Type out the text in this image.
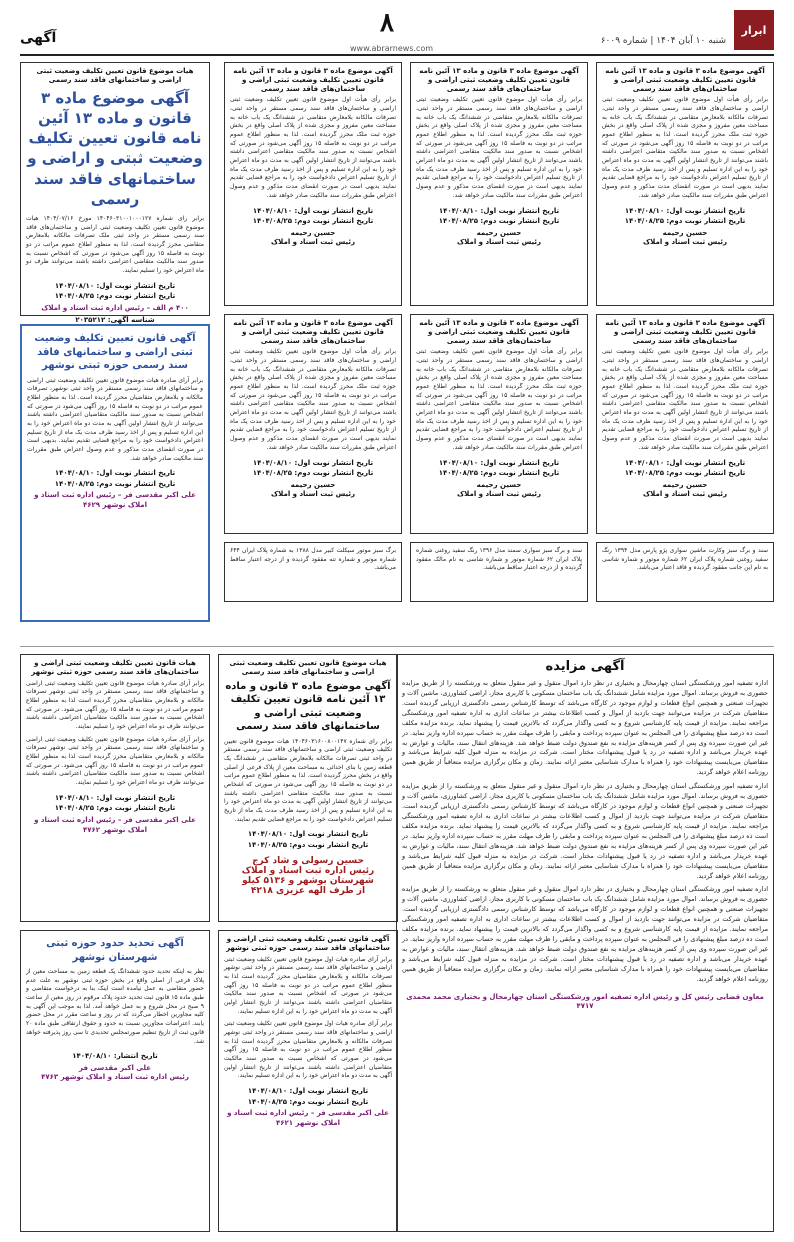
ابرار
۸
آگهی	شنبه ۱۰ آبان ۱۴۰۴ | شماره ۶۰۰۹
www.abrarnews.com
آگهی موضوع ماده ۳ قانون و ماده ۱۳ آئین نامه قانون تعیین تکلیف وضعیت ثبتی اراضی و ساختمان‌های فاقد سند رسمی
برابر رأی هیأت اول موضوع قانون تعیین تکلیف وضعیت ثبتی اراضی و ساختمان‌های فاقد سند رسمی مستقر در واحد ثبتی، تصرفات مالکانه بلامعارض متقاضی در ششدانگ یک باب خانه به مساحت معین مفروز و مجزی شده از پلاک اصلی واقع در بخش حوزه ثبت ملک محرز گردیده است. لذا به منظور اطلاع عموم مراتب در دو نوبت به فاصله ۱۵ روز آگهی می‌شود در صورتی که اشخاص نسبت به صدور سند مالکیت متقاضی اعتراضی داشته باشند می‌توانند از تاریخ انتشار اولین آگهی به مدت دو ماه اعتراض خود را به این اداره تسلیم و پس از اخذ رسید ظرف مدت یک ماه از تاریخ تسلیم اعتراض دادخواست خود را به مراجع قضایی تقدیم نمایند بدیهی است در صورت انقضای مدت مذکور و عدم وصول اعتراض طبق مقررات سند مالکیت صادر خواهد شد.
تاریخ انتشار نوبت اول: ۱۴۰۴/۰۸/۱۰
تاریخ انتشار نوبت دوم: ۱۴۰۴/۰۸/۲۵
حسین رحیمه
رئیس ثبت اسناد و املاک
آگهی موضوع ماده ۳ قانون و ماده ۱۳ آئین نامه قانون تعیین تکلیف وضعیت ثبتی اراضی و ساختمان‌های فاقد سند رسمی
برابر رأی هیأت اول موضوع قانون تعیین تکلیف وضعیت ثبتی اراضی و ساختمان‌های فاقد سند رسمی مستقر در واحد ثبتی، تصرفات مالکانه بلامعارض متقاضی در ششدانگ یک باب خانه به مساحت معین مفروز و مجزی شده از پلاک اصلی واقع در بخش حوزه ثبت ملک محرز گردیده است. لذا به منظور اطلاع عموم مراتب در دو نوبت به فاصله ۱۵ روز آگهی می‌شود در صورتی که اشخاص نسبت به صدور سند مالکیت متقاضی اعتراضی داشته باشند می‌توانند از تاریخ انتشار اولین آگهی به مدت دو ماه اعتراض خود را به این اداره تسلیم و پس از اخذ رسید ظرف مدت یک ماه از تاریخ تسلیم اعتراض دادخواست خود را به مراجع قضایی تقدیم نمایند بدیهی است در صورت انقضای مدت مذکور و عدم وصول اعتراض طبق مقررات سند مالکیت صادر خواهد شد.
تاریخ انتشار نوبت اول: ۱۴۰۴/۰۸/۱۰
تاریخ انتشار نوبت دوم: ۱۴۰۴/۰۸/۲۵
حسین رحیمه
رئیس ثبت اسناد و املاک
آگهی موضوع ماده ۳ قانون و ماده ۱۳ آئین نامه قانون تعیین تکلیف وضعیت ثبتی اراضی و ساختمان‌های فاقد سند رسمی
برابر رأی هیأت اول موضوع قانون تعیین تکلیف وضعیت ثبتی اراضی و ساختمان‌های فاقد سند رسمی مستقر در واحد ثبتی، تصرفات مالکانه بلامعارض متقاضی در ششدانگ یک باب خانه به مساحت معین مفروز و مجزی شده از پلاک اصلی واقع در بخش حوزه ثبت ملک محرز گردیده است. لذا به منظور اطلاع عموم مراتب در دو نوبت به فاصله ۱۵ روز آگهی می‌شود در صورتی که اشخاص نسبت به صدور سند مالکیت متقاضی اعتراضی داشته باشند می‌توانند از تاریخ انتشار اولین آگهی به مدت دو ماه اعتراض خود را به این اداره تسلیم و پس از اخذ رسید ظرف مدت یک ماه از تاریخ تسلیم اعتراض دادخواست خود را به مراجع قضایی تقدیم نمایند بدیهی است در صورت انقضای مدت مذکور و عدم وصول اعتراض طبق مقررات سند مالکیت صادر خواهد شد.
تاریخ انتشار نوبت اول: ۱۴۰۴/۰۸/۱۰
تاریخ انتشار نوبت دوم: ۱۴۰۴/۰۸/۲۵
حسین رحیمه
رئیس ثبت اسناد و املاک
آگهی موضوع ماده ۳ قانون و ماده ۱۳ آئین نامه قانون تعیین تکلیف وضعیت ثبتی اراضی و ساختمان‌های فاقد سند رسمی
برابر رأی هیأت اول موضوع قانون تعیین تکلیف وضعیت ثبتی اراضی و ساختمان‌های فاقد سند رسمی مستقر در واحد ثبتی، تصرفات مالکانه بلامعارض متقاضی در ششدانگ یک باب خانه به مساحت معین مفروز و مجزی شده از پلاک اصلی واقع در بخش حوزه ثبت ملک محرز گردیده است. لذا به منظور اطلاع عموم مراتب در دو نوبت به فاصله ۱۵ روز آگهی می‌شود در صورتی که اشخاص نسبت به صدور سند مالکیت متقاضی اعتراضی داشته باشند می‌توانند از تاریخ انتشار اولین آگهی به مدت دو ماه اعتراض خود را به این اداره تسلیم و پس از اخذ رسید ظرف مدت یک ماه از تاریخ تسلیم اعتراض دادخواست خود را به مراجع قضایی تقدیم نمایند بدیهی است در صورت انقضای مدت مذکور و عدم وصول اعتراض طبق مقررات سند مالکیت صادر خواهد شد.
تاریخ انتشار نوبت اول: ۱۴۰۴/۰۸/۱۰
تاریخ انتشار نوبت دوم: ۱۴۰۴/۰۸/۲۵
حسین رحیمه
رئیس ثبت اسناد و املاک
آگهی موضوع ماده ۳ قانون و ماده ۱۳ آئین نامه قانون تعیین تکلیف وضعیت ثبتی اراضی و ساختمان‌های فاقد سند رسمی
برابر رأی هیأت اول موضوع قانون تعیین تکلیف وضعیت ثبتی اراضی و ساختمان‌های فاقد سند رسمی مستقر در واحد ثبتی، تصرفات مالکانه بلامعارض متقاضی در ششدانگ یک باب خانه به مساحت معین مفروز و مجزی شده از پلاک اصلی واقع در بخش حوزه ثبت ملک محرز گردیده است. لذا به منظور اطلاع عموم مراتب در دو نوبت به فاصله ۱۵ روز آگهی می‌شود در صورتی که اشخاص نسبت به صدور سند مالکیت متقاضی اعتراضی داشته باشند می‌توانند از تاریخ انتشار اولین آگهی به مدت دو ماه اعتراض خود را به این اداره تسلیم و پس از اخذ رسید ظرف مدت یک ماه از تاریخ تسلیم اعتراض دادخواست خود را به مراجع قضایی تقدیم نمایند بدیهی است در صورت انقضای مدت مذکور و عدم وصول اعتراض طبق مقررات سند مالکیت صادر خواهد شد.
تاریخ انتشار نوبت اول: ۱۴۰۴/۰۸/۱۰
تاریخ انتشار نوبت دوم: ۱۴۰۴/۰۸/۲۵
حسین رحیمه
رئیس ثبت اسناد و املاک
آگهی موضوع ماده ۳ قانون و ماده ۱۳ آئین نامه قانون تعیین تکلیف وضعیت ثبتی اراضی و ساختمان‌های فاقد سند رسمی
برابر رأی هیأت اول موضوع قانون تعیین تکلیف وضعیت ثبتی اراضی و ساختمان‌های فاقد سند رسمی مستقر در واحد ثبتی، تصرفات مالکانه بلامعارض متقاضی در ششدانگ یک باب خانه به مساحت معین مفروز و مجزی شده از پلاک اصلی واقع در بخش حوزه ثبت ملک محرز گردیده است. لذا به منظور اطلاع عموم مراتب در دو نوبت به فاصله ۱۵ روز آگهی می‌شود در صورتی که اشخاص نسبت به صدور سند مالکیت متقاضی اعتراضی داشته باشند می‌توانند از تاریخ انتشار اولین آگهی به مدت دو ماه اعتراض خود را به این اداره تسلیم و پس از اخذ رسید ظرف مدت یک ماه از تاریخ تسلیم اعتراض دادخواست خود را به مراجع قضایی تقدیم نمایند بدیهی است در صورت انقضای مدت مذکور و عدم وصول اعتراض طبق مقررات سند مالکیت صادر خواهد شد.
تاریخ انتشار نوبت اول: ۱۴۰۴/۰۸/۱۰
تاریخ انتشار نوبت دوم: ۱۴۰۴/۰۸/۲۵
حسین رحیمه
رئیس ثبت اسناد و املاک
سند و برگ سبز وکارت ماشین سواری پژو پارس مدل ۱۳۹۴ رنگ سفید روغنی شماره پلاک ایران ۶۲ شماره موتور و شماره شاسی به نام این جانب مفقود گردیده و فاقد اعتبار می‌باشد.
سند و برگ سبز سواری سمند مدل ۱۳۹۶ رنگ سفید روغنی شماره پلاک ایران ۶۲ شماره موتور و شماره شاسی به نام مالک مفقود گردیده و از درجه اعتبار ساقط می‌باشد.
برگ سبز موتور سیکلت کبیر مدل ۱۳۸۸ به شماره پلاک ایران ۶۴۴ شماره موتور و شماره تنه مفقود گردیده و از درجه اعتبار ساقط می‌باشد.
هیات موضوع قانون تعیین تکلیف وضعیت ثبتی اراضی و ساختمانهای فاقد سند رسمی
آگهی موضوع ماده ۳ قانون و ماده ۱۳ آئین نامه قانون تعیین تکلیف وضعیت ثبتی و اراضی و ساختمانهای فاقد سند رسمی
برابر رای شماره ۱۴۰۴۶۰۳۱۰۰۱۰۰۰۱۲۷ مورخ ۱۴۰۴/۰۷/۱۶ هیات موضوع قانون تعیین تکلیف وضعیت ثبتی اراضی و ساختمان‌های فاقد سند رسمی مستقر در واحد ثبتی ملک تصرفات مالکانه بلامعارض متقاضی محرز گردیده است. لذا به منظور اطلاع عموم مراتب در دو نوبت به فاصله ۱۵ روز آگهی می‌شود در صورتی که اشخاص نسبت به صدور سند مالکیت متقاضی اعتراضی داشته باشند می‌توانند ظرف دو ماه اعتراض خود را تسلیم نمایند.
تاریخ انتشار نوبت اول: ۱۴۰۴/۰۸/۱۰
تاریخ انتشار نوبت دوم: ۱۴۰۴/۰۸/۲۵
۴۰۰ م الف – رئیس اداره ثبت اسناد و املاک
شناسه آگهی: ۲۰۳۵۲۱۲
آگهی قانون تعیین تکلیف وضعیت ثبتی اراضی و ساختمانهای فاقد سند رسمی حوزه ثبتی نوشهر
برابر آرای صادره هیات موضوع قانون تعیین تکلیف وضعیت ثبتی اراضی و ساختمانهای فاقد سند رسمی مستقر در واحد ثبتی نوشهر، تصرفات مالکانه و بلامعارض متقاضیان محرز گردیده است. لذا به منظور اطلاع عموم مراتب در دو نوبت به فاصله ۱۵ روز آگهی می‌شود در صورتی که اشخاص نسبت به صدور سند مالکیت متقاضیان اعتراضی داشته باشند می‌توانند از تاریخ انتشار اولین آگهی به مدت دو ماه اعتراض خود را به این اداره تسلیم و پس از اخذ رسید ظرف مدت یک ماه از تاریخ تسلیم اعتراض دادخواست خود را به مراجع قضایی تقدیم نمایند. بدیهی است در صورت انقضای مدت مذکور و عدم وصول اعتراض طبق مقررات سند مالکیت صادر خواهد شد.
تاریخ انتشار نوبت اول: ۱۴۰۴/۰۸/۱۰
تاریخ انتشار نوبت دوم: ۱۴۰۴/۰۸/۲۵
علی اکبر مقدسی فر – رئیس اداره ثبت اسناد و املاک نوشهر ۴۶۲۹
آگهی مزایده
اداره تصفیه امور ورشکستگی استان چهارمحال و بختیاری در نظر دارد اموال منقول و غیر منقول متعلق به ورشکسته را از طریق مزایده حضوری به فروش برساند. اموال مورد مزایده شامل ششدانگ یک باب ساختمان مسکونی با کاربری مجاز، اراضی کشاورزی، ماشین آلات و تجهیزات صنعتی و همچنین انواع قطعات و لوازم موجود در کارگاه می‌باشد که توسط کارشناس رسمی دادگستری ارزیابی گردیده است. متقاضیان شرکت در مزایده می‌توانند جهت بازدید از اموال و کسب اطلاعات بیشتر در ساعات اداری به اداره تصفیه امور ورشکستگی مراجعه نمایند. مزایده از قیمت پایه کارشناسی شروع و به کسی واگذار می‌گردد که بالاترین قیمت را پیشنهاد نماید. برنده مزایده مکلف است ده درصد مبلغ پیشنهادی را فی المجلس به عنوان سپرده پرداخت و مابقی را ظرف مهلت مقرر به حساب سپرده اداره واریز نماید. در غیر این صورت سپرده وی پس از کسر هزینه‌های مزایده به نفع صندوق دولت ضبط خواهد شد. هزینه‌های انتقال سند، مالیات و عوارض به عهده خریدار می‌باشد و اداره تصفیه در رد یا قبول پیشنهادات مختار است. شرکت در مزایده به منزله قبول کلیه شرایط می‌باشد و متقاضیان می‌بایست پیشنهادات خود را همراه با مدارک شناسایی معتبر ارائه نمایند. زمان و مکان برگزاری مزایده متعاقباً از طریق همین روزنامه اعلام خواهد گردید.
اداره تصفیه امور ورشکستگی استان چهارمحال و بختیاری در نظر دارد اموال منقول و غیر منقول متعلق به ورشکسته را از طریق مزایده حضوری به فروش برساند. اموال مورد مزایده شامل ششدانگ یک باب ساختمان مسکونی با کاربری مجاز، اراضی کشاورزی، ماشین آلات و تجهیزات صنعتی و همچنین انواع قطعات و لوازم موجود در کارگاه می‌باشد که توسط کارشناس رسمی دادگستری ارزیابی گردیده است. متقاضیان شرکت در مزایده می‌توانند جهت بازدید از اموال و کسب اطلاعات بیشتر در ساعات اداری به اداره تصفیه امور ورشکستگی مراجعه نمایند. مزایده از قیمت پایه کارشناسی شروع و به کسی واگذار می‌گردد که بالاترین قیمت را پیشنهاد نماید. برنده مزایده مکلف است ده درصد مبلغ پیشنهادی را فی المجلس به عنوان سپرده پرداخت و مابقی را ظرف مهلت مقرر به حساب سپرده اداره واریز نماید. در غیر این صورت سپرده وی پس از کسر هزینه‌های مزایده به نفع صندوق دولت ضبط خواهد شد. هزینه‌های انتقال سند، مالیات و عوارض به عهده خریدار می‌باشد و اداره تصفیه در رد یا قبول پیشنهادات مختار است. شرکت در مزایده به منزله قبول کلیه شرایط می‌باشد و متقاضیان می‌بایست پیشنهادات خود را همراه با مدارک شناسایی معتبر ارائه نمایند. زمان و مکان برگزاری مزایده متعاقباً از طریق همین روزنامه اعلام خواهد گردید.
اداره تصفیه امور ورشکستگی استان چهارمحال و بختیاری در نظر دارد اموال منقول و غیر منقول متعلق به ورشکسته را از طریق مزایده حضوری به فروش برساند. اموال مورد مزایده شامل ششدانگ یک باب ساختمان مسکونی با کاربری مجاز، اراضی کشاورزی، ماشین آلات و تجهیزات صنعتی و همچنین انواع قطعات و لوازم موجود در کارگاه می‌باشد که توسط کارشناس رسمی دادگستری ارزیابی گردیده است. متقاضیان شرکت در مزایده می‌توانند جهت بازدید از اموال و کسب اطلاعات بیشتر در ساعات اداری به اداره تصفیه امور ورشکستگی مراجعه نمایند. مزایده از قیمت پایه کارشناسی شروع و به کسی واگذار می‌گردد که بالاترین قیمت را پیشنهاد نماید. برنده مزایده مکلف است ده درصد مبلغ پیشنهادی را فی المجلس به عنوان سپرده پرداخت و مابقی را ظرف مهلت مقرر به حساب سپرده اداره واریز نماید. در غیر این صورت سپرده وی پس از کسر هزینه‌های مزایده به نفع صندوق دولت ضبط خواهد شد. هزینه‌های انتقال سند، مالیات و عوارض به عهده خریدار می‌باشد و اداره تصفیه در رد یا قبول پیشنهادات مختار است. شرکت در مزایده به منزله قبول کلیه شرایط می‌باشد و متقاضیان می‌بایست پیشنهادات خود را همراه با مدارک شناسایی معتبر ارائه نمایند. زمان و مکان برگزاری مزایده متعاقباً از طریق همین روزنامه اعلام خواهد گردید.
معاون قضایی رئیس کل و رئیس اداره تصفیه امور ورشکستگی استان چهارمحال و بختیاری محمد محمدی ۴۷۱۷
هیات موضوع قانون تعیین تکلیف وضعیت ثبتی اراضی و ساختمانهای فاقد سند رسمی
آگهی موضوع ماده ۳ قانون و ماده ۱۳ آئین نامه قانون تعیین تکلیف وضعیت ثبتی اراضی و ساختمانهای فاقد سند رسمی
برابر رای شماره ۱۴۰۴۶۰۳۱۶۰۰۸۰۰۱۴۷ هیات موضوع قانون تعیین تکلیف وضعیت ثبتی اراضی و ساختمانهای فاقد سند رسمی مستقر در واحد ثبتی تصرفات مالکانه بلامعارض متقاضی در ششدانگ یک قطعه زمین با بنای احداثی به مساحت معین از پلاک فرعی از اصلی واقع در بخش محرز گردیده است. لذا به منظور اطلاع عموم مراتب در دو نوبت به فاصله ۱۵ روز آگهی می‌شود در صورتی که اشخاص نسبت به صدور سند مالکیت متقاضی اعتراضی داشته باشند می‌توانند از تاریخ انتشار اولین آگهی به مدت دو ماه اعتراض خود را به این اداره تسلیم و پس از اخذ رسید ظرف مدت یک ماه از تاریخ تسلیم اعتراض دادخواست خود را به مراجع قضایی تقدیم نمایند.
تاریخ انتشار نوبت اول: ۱۴۰۴/۰۸/۱۰
تاریخ انتشار نوبت دوم: ۱۴۰۴/۰۸/۲۵
حسین رسولی و شاد کرج
رئیس اداره ثبت اسناد و املاک شهرستان بوشهر و ۵۱۳۶ کیلو
از طرف الهه عزیزی ۴۲۱۸
آگهی قانون تعیین تکلیف وضعیت ثبتی اراضی و ساختمانهای فاقد سند رسمی حوزه ثبتی نوشهر
برابر آرای صادره هیات اول موضوع قانون تعیین تکلیف وضعیت ثبتی اراضی و ساختمانهای فاقد سند رسمی مستقر در واحد ثبتی نوشهر تصرفات مالکانه و بلامعارض متقاضیان محرز گردیده است لذا به منظور اطلاع عموم مراتب در دو نوبت به فاصله ۱۵ روز آگهی می‌شود در صورتی که اشخاص نسبت به صدور سند مالکیت متقاضیان اعتراضی داشته باشند می‌توانند از تاریخ انتشار اولین آگهی به مدت دو ماه اعتراض خود را به این اداره تسلیم نمایند.
برابر آرای صادره هیات اول موضوع قانون تعیین تکلیف وضعیت ثبتی اراضی و ساختمانهای فاقد سند رسمی مستقر در واحد ثبتی نوشهر تصرفات مالکانه و بلامعارض متقاضیان محرز گردیده است لذا به منظور اطلاع عموم مراتب در دو نوبت به فاصله ۱۵ روز آگهی می‌شود در صورتی که اشخاص نسبت به صدور سند مالکیت متقاضیان اعتراضی داشته باشند می‌توانند از تاریخ انتشار اولین آگهی به مدت دو ماه اعتراض خود را به این اداره تسلیم نمایند.
تاریخ انتشار نوبت اول: ۱۴۰۴/۰۸/۱۰
تاریخ انتشار نوبت دوم: ۱۴۰۴/۰۸/۲۵
علی اکبر مقدسی فر – رئیس اداره ثبت اسناد و املاک نوشهر ۴۶۲۱
هیات قانون تعیین تکلیف وضعیت ثبتی اراضی و ساختمان‌های فاقد سند رسمی حوزه ثبتی نوشهر
برابر آرای صادره هیات موضوع قانون تعیین تکلیف وضعیت ثبتی اراضی و ساختمانهای فاقد سند رسمی مستقر در واحد ثبتی نوشهر تصرفات مالکانه و بلامعارض متقاضیان محرز گردیده است لذا به منظور اطلاع عموم مراتب در دو نوبت به فاصله ۱۵ روز آگهی می‌شود. در صورتی که اشخاص نسبت به صدور سند مالکیت متقاضیان اعتراضی داشته باشند می‌توانند ظرف دو ماه اعتراض خود را تسلیم نمایند.
برابر آرای صادره هیات موضوع قانون تعیین تکلیف وضعیت ثبتی اراضی و ساختمانهای فاقد سند رسمی مستقر در واحد ثبتی نوشهر تصرفات مالکانه و بلامعارض متقاضیان محرز گردیده است لذا به منظور اطلاع عموم مراتب در دو نوبت به فاصله ۱۵ روز آگهی می‌شود. در صورتی که اشخاص نسبت به صدور سند مالکیت متقاضیان اعتراضی داشته باشند می‌توانند ظرف دو ماه اعتراض خود را تسلیم نمایند.
تاریخ انتشار نوبت اول: ۱۴۰۴/۰۸/۱۰
تاریخ انتشار نوبت دوم: ۱۴۰۴/۰۸/۲۵
علی اکبر مقدسی فر – رئیس اداره ثبت اسناد و املاک نوشهر ۴۷۶۲
آگهی تحدید حدود حوزه ثبتی شهرستان نوشهر
نظر به اینکه تحدید حدود ششدانگ یک قطعه زمین به مساحت معین از پلاک فرعی از اصلی واقع در بخش حوزه ثبتی نوشهر به علت عدم حضور متقاضی به عمل نیامده است اینک بنا به درخواست متقاضی و طبق ماده ۱۵ قانون ثبت تحدید حدود پلاک مرقوم در روز معین از ساعت ۹ صبح در محل شروع و به عمل خواهد آمد. لذا به موجب این آگهی به کلیه مجاورین اخطار می‌گردد که در روز و ساعت مقرر در محل حضور یابند. اعتراضات مجاورین نسبت به حدود و حقوق ارتفاقی طبق ماده ۲۰ قانون ثبت از تاریخ تنظیم صورتمجلس تحدیدی تا سی روز پذیرفته خواهد شد.
تاریخ انتشار: ۱۴۰۴/۰۸/۱۰
علی اکبر مقدسی فر
رئیس اداره ثبت اسناد و املاک نوشهر ۴۷۶۳
